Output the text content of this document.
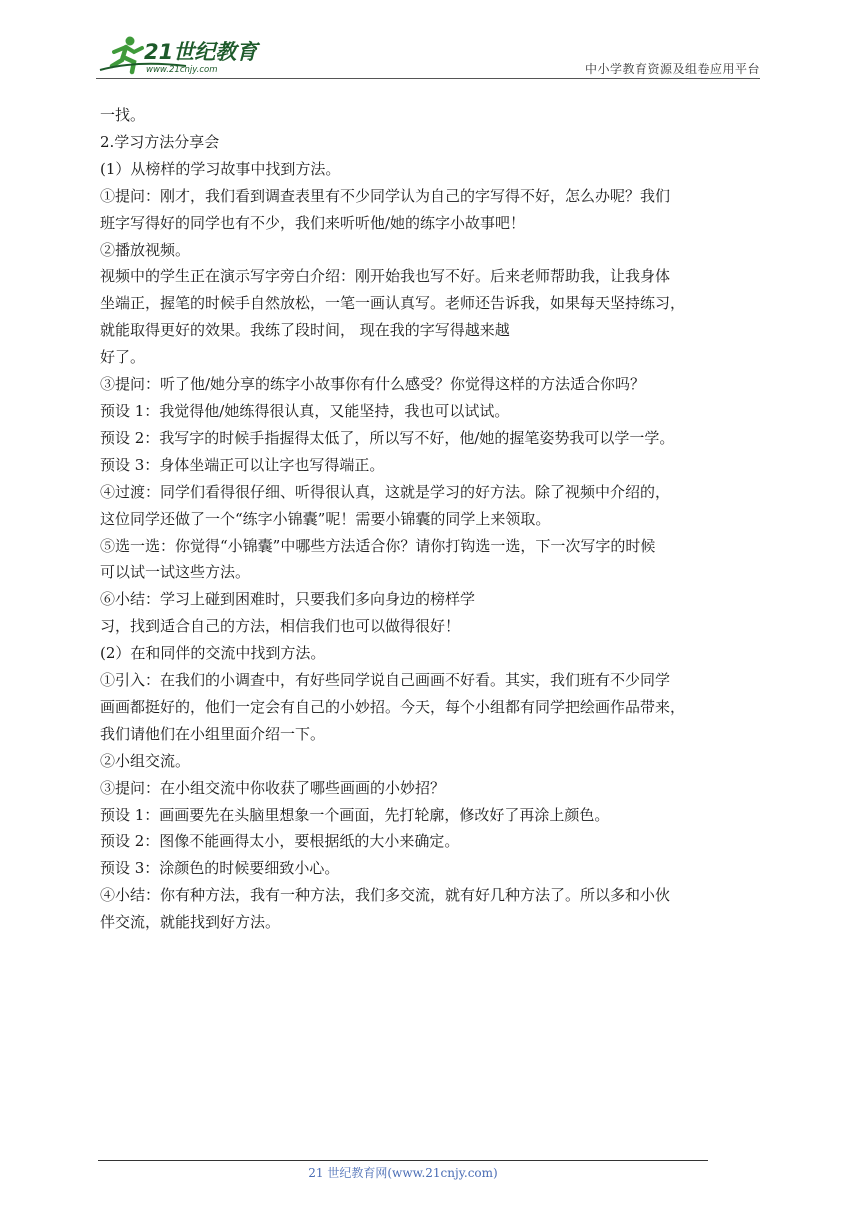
21世纪教育
www.21cnjy.com	中小学教育资源及组卷应用平台

一找。

2.学习方法分享会

(1）从榜样的学习故事中找到方法。

①提问：刚才，我们看到调查表里有不少同学认为自己的字写得不好，怎么办呢？我们

班字写得好的同学也有不少，我们来听听他/她的练字小故事吧！

②播放视频。

视频中的学生正在演示写字旁白介绍：刚开始我也写不好。后来老师帮助我，让我身体

坐端正，握笔的时候手自然放松，一笔一画认真写。老师还告诉我，如果每天坚持练习，

就能取得更好的效果。我练了段时间， 现在我的字写得越来越

好了。

③提问：听了他/她分享的练字小故事你有什么感受？你觉得这样的方法适合你吗？

预设 1：我觉得他/她练得很认真，又能坚持，我也可以试试。

预设 2：我写字的时候手指握得太低了，所以写不好，他/她的握笔姿势我可以学一学。

预设 3：身体坐端正可以让字也写得端正。

④过渡：同学们看得很仔细、听得很认真，这就是学习的好方法。除了视频中介绍的，

这位同学还做了一个“练字小锦囊”呢！需要小锦囊的同学上来领取。

⑤选一选：你觉得“小锦囊”中哪些方法适合你？请你打钩选一选，下一次写字的时候

可以试一试这些方法。

⑥小结：学习上碰到困难时，只要我们多向身边的榜样学

习，找到适合自己的方法，相信我们也可以做得很好！

(2）在和同伴的交流中找到方法。

①引入：在我们的小调查中，有好些同学说自己画画不好看。其实，我们班有不少同学

画画都挺好的，他们一定会有自己的小妙招。今天，每个小组都有同学把绘画作品带来，

我们请他们在小组里面介绍一下。

②小组交流。

③提问：在小组交流中你收获了哪些画画的小妙招？

预设 1：画画要先在头脑里想象一个画面，先打轮廓，修改好了再涂上颜色。

预设 2：图像不能画得太小，要根据纸的大小来确定。

预设 3：涂颜色的时候要细致小心。

④小结：你有种方法，我有一种方法，我们多交流，就有好几种方法了。所以多和小伙

伴交流，就能找到好方法。

21 世纪教育网(www.21cnjy.com)
